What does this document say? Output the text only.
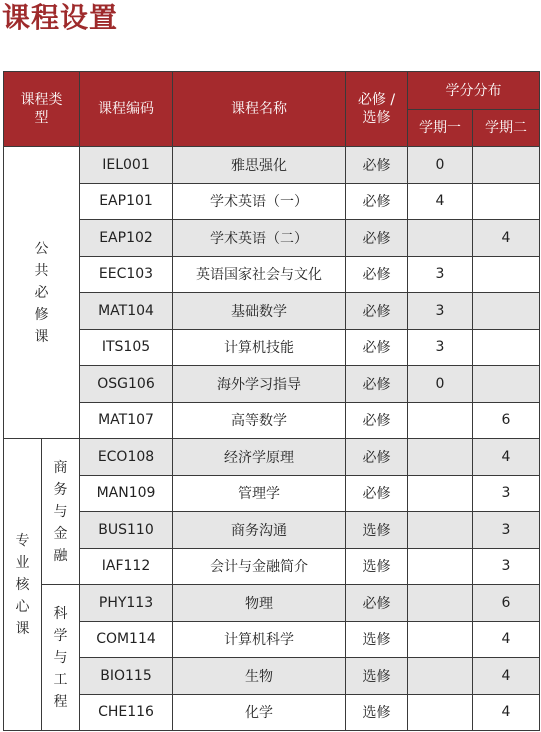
课程设置
课程类型		课程编码	课程名称	必修 / 选修	学分分布	
					学期一	学期二

公
共
必
修
课		IEL001	雅思强化	必修	0	
		EAP101	学术英语（一）	必修	4	
		EAP102	学术英语（二）	必修		4
		EEC103	英语国家社会与文化	必修	3	
		MAT104	基础数学	必修	3	
		ITS105	计算机技能	必修	3	
		OSG106	海外学习指导	必修	0	
		MAT107	高等数学	必修		6

专
业
核
心
课	商
务
与
金
融	ECO108	经济学原理	必修		4
		MAN109	管理学	必修		3
		BUS110	商务沟通	选修		3
		IAF112	会计与金融简介	选修		3

	科
学
与
工
程	PHY113	物理	必修		6
		COM114	计算机科学	选修		4
		BIO115	生物	选修		4
		CHE116	化学	选修		4
